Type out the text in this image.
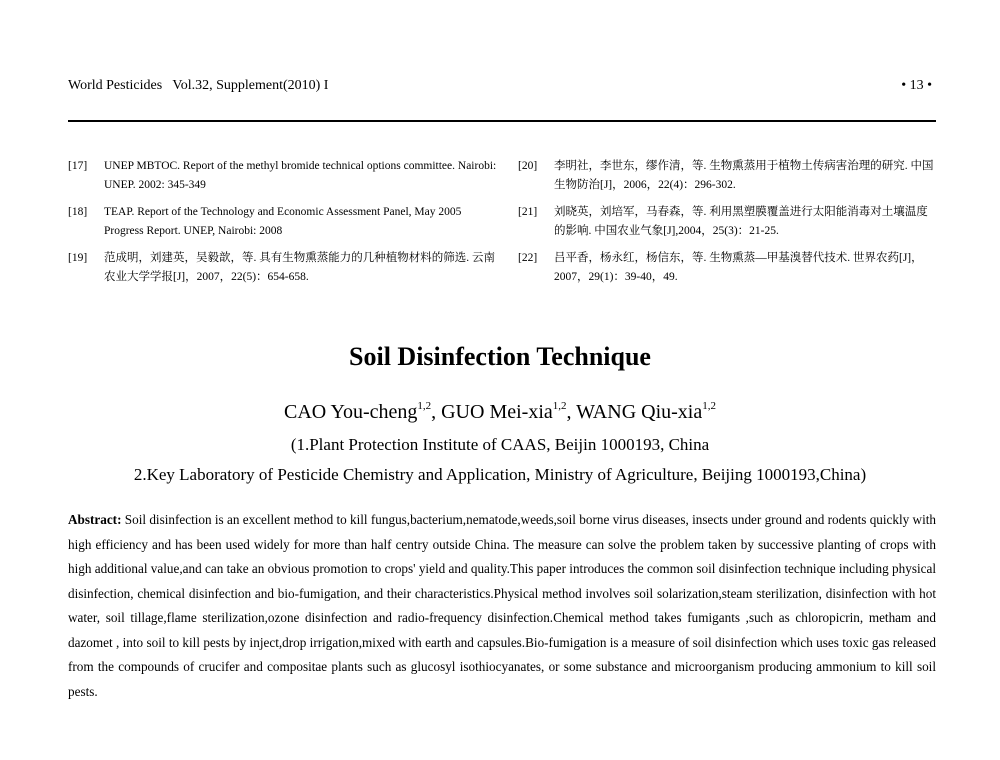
World Pesticides   Vol.32, Supplement(2010) I	• 13 •
[17]	UNEP MBTOC. Report of the methyl bromide technical options committee. Nairobi: UNEP. 2002: 345-349
[18]	TEAP. Report of the Technology and Economic Assessment Panel, May 2005 Progress Report. UNEP, Nairobi: 2008
[19]	范成明，刘建英，吴毅歆，等. 具有生物熏蒸能力的几种植物材料的筛选. 云南农业大学学报[J]，2007，22(5)：654-658.
[20]	李明社，李世东，缪作清，等. 生物熏蒸用于植物土传病害治理的研究. 中国生物防治[J]，2006，22(4)：296-302.
[21]	刘晓英，刘培军，马春森，等. 利用黑塑膜覆盖进行太阳能消毒对土壤温度的影响. 中国农业气象[J],2004，25(3)：21-25.
[22]	吕平香，杨永红，杨信东，等. 生物熏蒸—甲基溴替代技术. 世界农药[J]，2007，29(1)：39-40，49.
Soil Disinfection Technique
CAO You-cheng$^{1,2}$, GUO Mei-xia$^{1,2}$, WANG Qiu-xia$^{1,2}$
(1.Plant Protection Institute of CAAS, Beijin 1000193, China
2.Key Laboratory of Pesticide Chemistry and Application, Ministry of Agriculture, Beijing 1000193,China)
Abstract: Soil disinfection is an excellent method to kill fungus,bacterium,nematode,weeds,soil borne virus diseases, insects under ground and rodents quickly with high efficiency and has been used widely for more than half centry outside China. The measure can solve the problem taken by successive planting of crops with high additional value,and can take an obvious promotion to crops' yield and quality.This paper introduces the common soil disinfection technique including physical disinfection, chemical disinfection and bio-fumigation, and their characteristics.Physical method involves soil solarization,steam sterilization, disinfection with hot water, soil tillage,flame sterilization,ozone disinfection and radio-frequency disinfection.Chemical method takes fumigants ,such as chloropicrin, metham and dazomet , into soil to kill pests by inject,drop irrigation,mixed with earth and capsules.Bio-fumigation is a measure of soil disinfection which uses toxic gas released from the compounds of crucifer and compositae plants such as glucosyl isothiocyanates, or some substance and microorganism producing ammonium to kill soil pests.
